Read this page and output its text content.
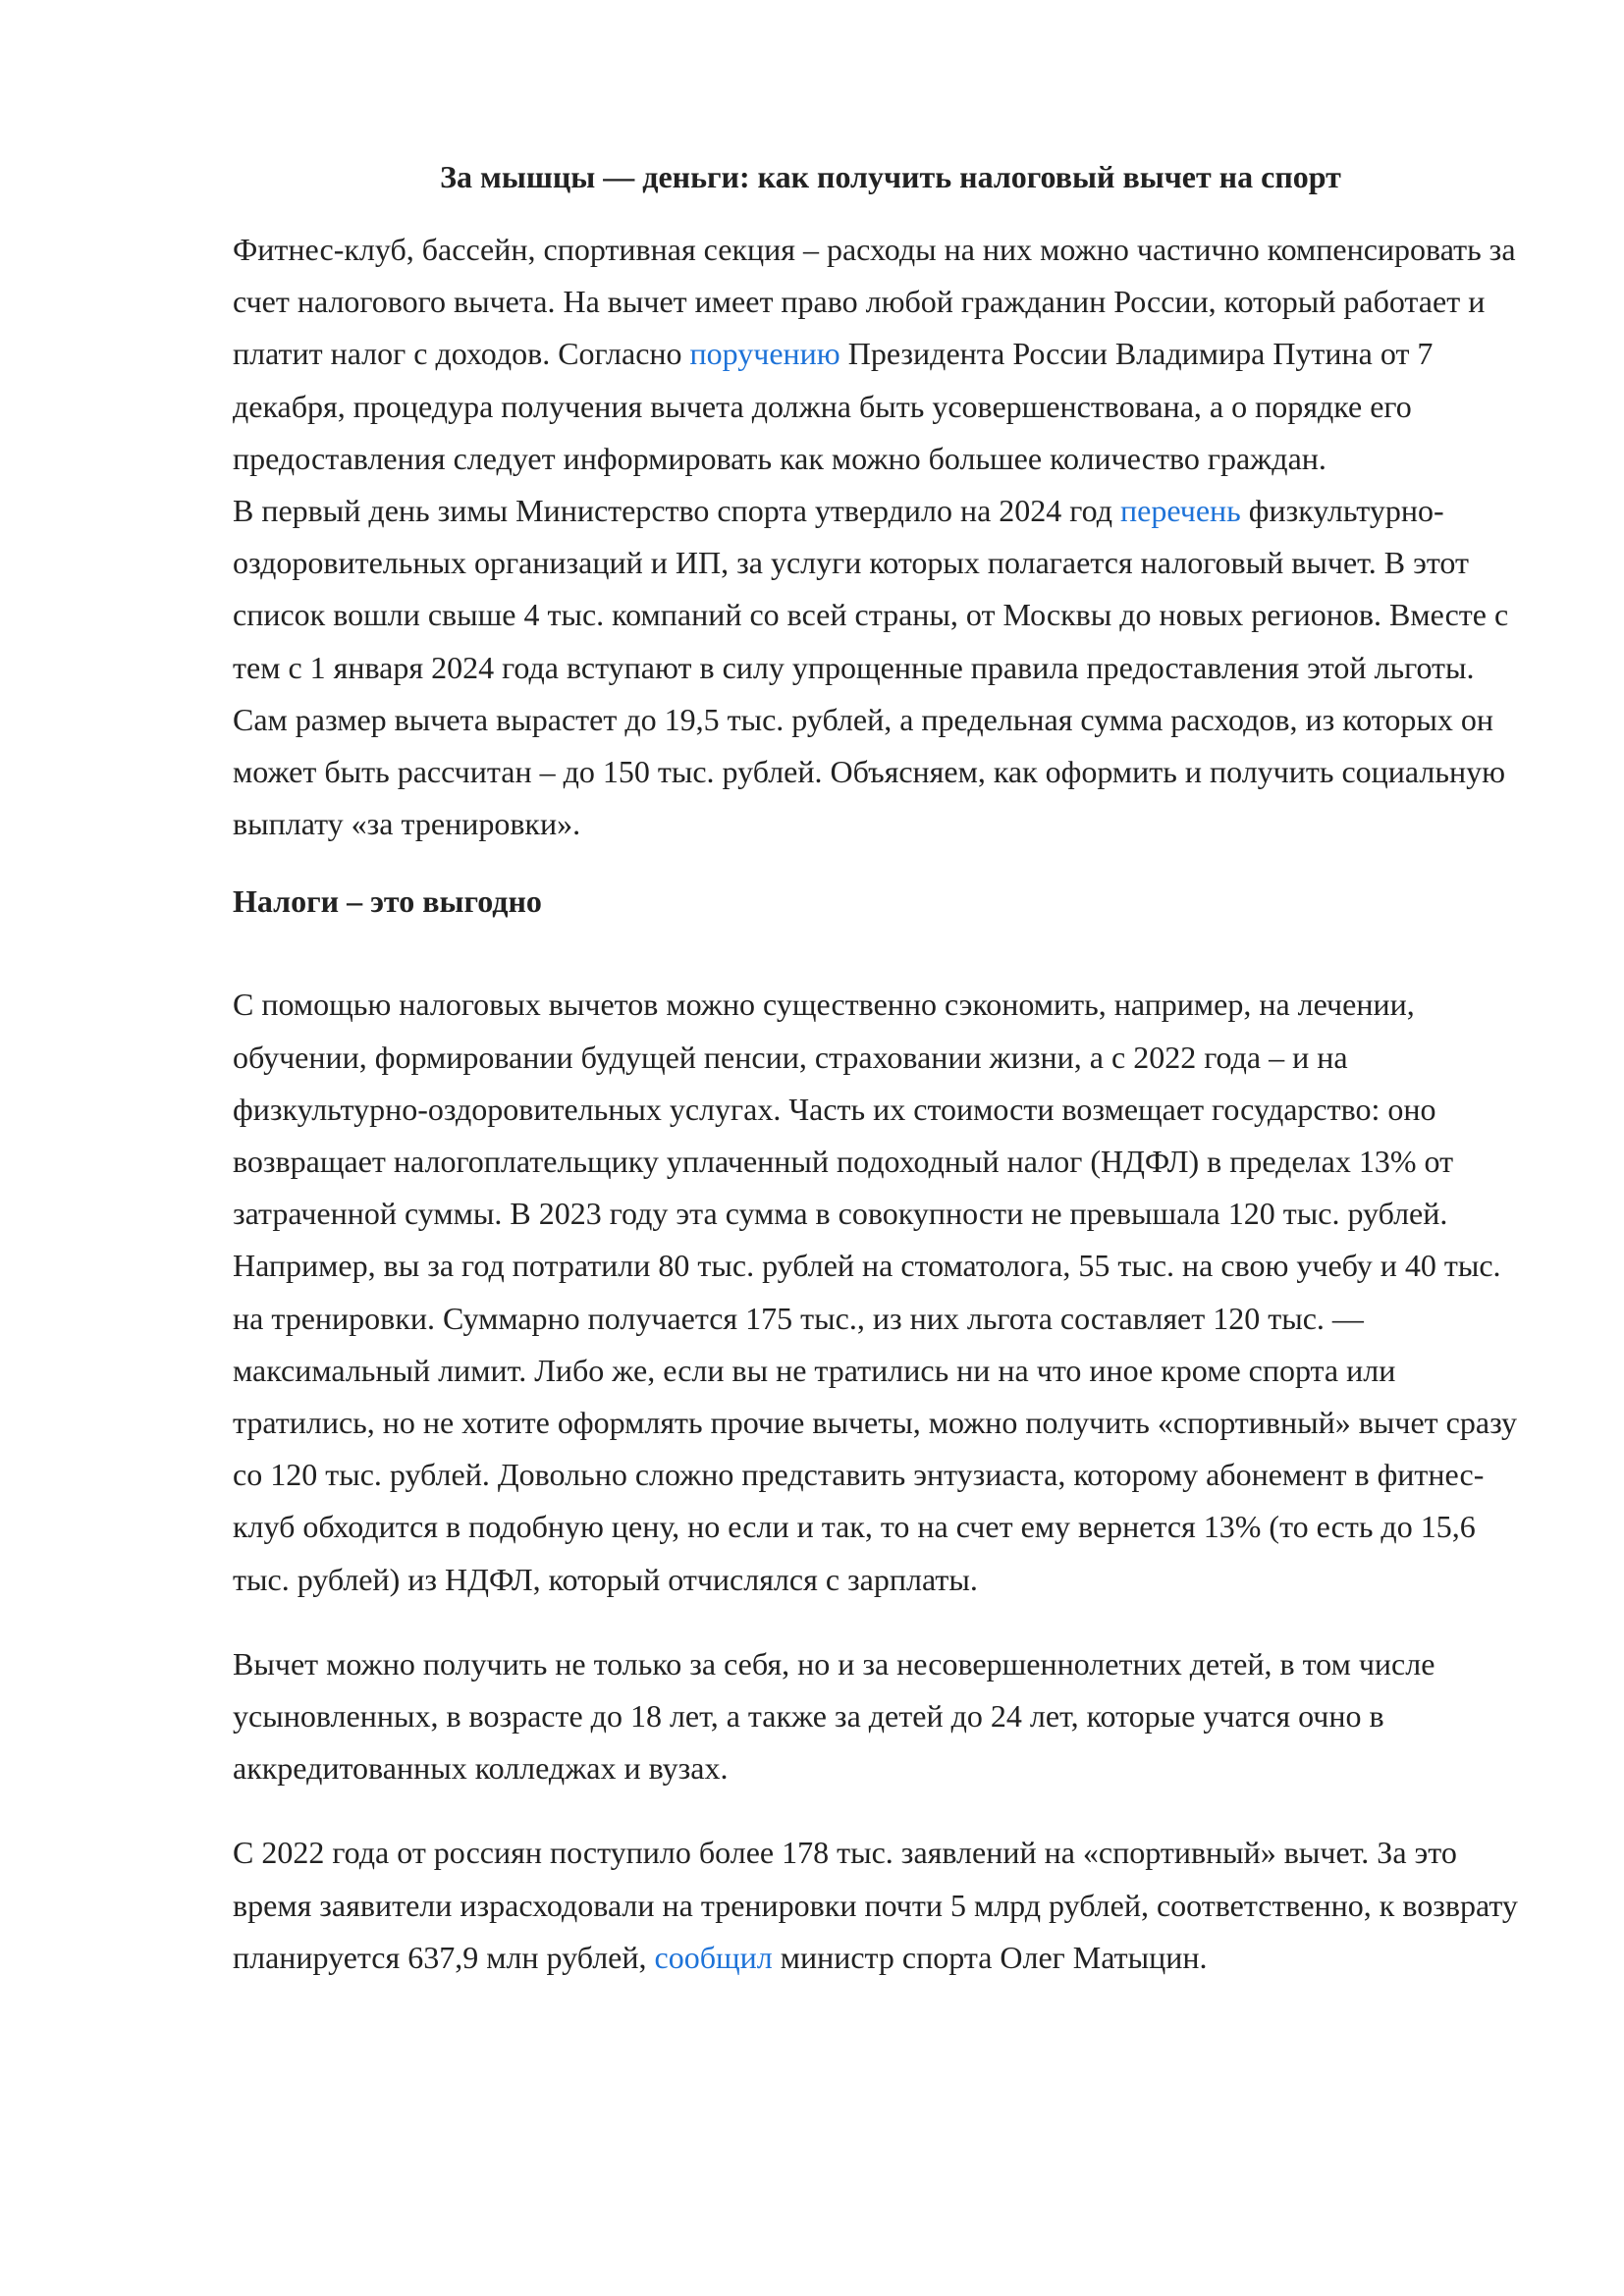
За мышцы — деньги: как получить налоговый вычет на спорт

Фитнес-клуб, бассейн, спортивная секция – расходы на них можно частично компенсировать за счет налогового вычета. На вычет имеет право любой гражданин России, который работает и платит налог с доходов. Согласно поручению Президента России Владимира Путина от 7 декабря, процедура получения вычета должна быть усовершенствована, а о порядке его предоставления следует информировать как можно большее количество граждан.

В первый день зимы Министерство спорта утвердило на 2024 год перечень физкультурно-оздоровительных организаций и ИП, за услуги которых полагается налоговый вычет. В этот список вошли свыше 4 тыс. компаний со всей страны, от Москвы до новых регионов. Вместе с тем с 1 января 2024 года вступают в силу упрощенные правила предоставления этой льготы. Сам размер вычета вырастет до 19,5 тыс. рублей, а предельная сумма расходов, из которых он может быть рассчитан – до 150 тыс. рублей. Объясняем, как оформить и получить социальную выплату «за тренировки».

Налоги – это выгодно

С помощью налоговых вычетов можно существенно сэкономить, например, на лечении, обучении, формировании будущей пенсии, страховании жизни, а с 2022 года – и на физкультурно-оздоровительных услугах. Часть их стоимости возмещает государство: оно возвращает налогоплательщику уплаченный подоходный налог (НДФЛ) в пределах 13% от затраченной суммы. В 2023 году эта сумма в совокупности не превышала 120 тыс. рублей.

Например, вы за год потратили 80 тыс. рублей на стоматолога, 55 тыс. на свою учебу и 40 тыс. на тренировки. Суммарно получается 175 тыс., из них льгота составляет 120 тыс. — максимальный лимит. Либо же, если вы не тратились ни на что иное кроме спорта или тратились, но не хотите оформлять прочие вычеты, можно получить «спортивный» вычет сразу со 120 тыс. рублей. Довольно сложно представить энтузиаста, которому абонемент в фитнес-клуб обходится в подобную цену, но если и так, то на счет ему вернется 13% (то есть до 15,6 тыс. рублей) из НДФЛ, который отчислялся с зарплаты.

Вычет можно получить не только за себя, но и за несовершеннолетних детей, в том числе усыновленных, в возрасте до 18 лет, а также за детей до 24 лет, которые учатся очно в аккредитованных колледжах и вузах.

С 2022 года от россиян поступило более 178 тыс. заявлений на «спортивный» вычет. За это время заявители израсходовали на тренировки почти 5 млрд рублей, соответственно, к возврату планируется 637,9 млн рублей, сообщил министр спорта Олег Матыцин.
